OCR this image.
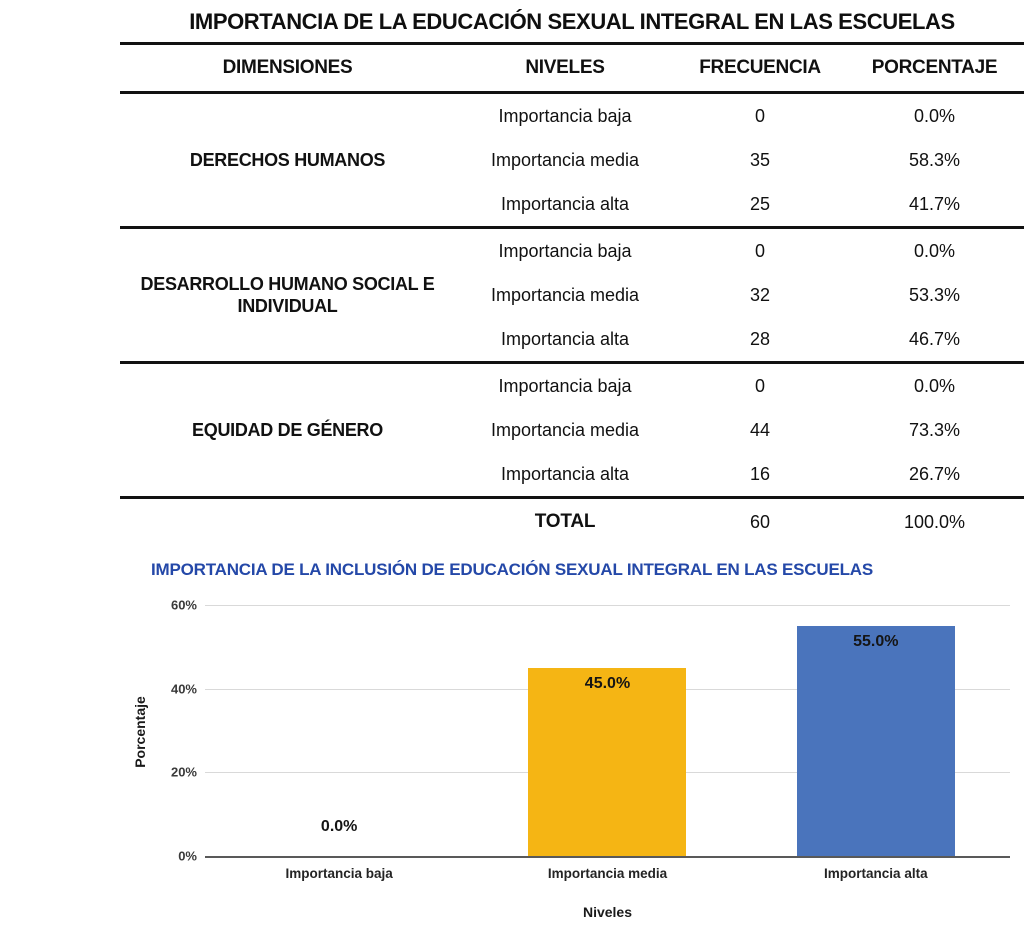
IMPORTANCIA DE LA EDUCACIÓN SEXUAL INTEGRAL EN LAS ESCUELAS
DIMENSIONES	NIVELES	FRECUENCIA	PORCENTAJE
DERECHOS HUMANOS	Importancia baja	0	0.0%
	Importancia media	35	58.3%
	Importancia alta	25	41.7%
DESARROLLO HUMANO SOCIAL E INDIVIDUAL	Importancia baja	0	0.0%
	Importancia media	32	53.3%
	Importancia alta	28	46.7%
EQUIDAD DE GÉNERO	Importancia baja	0	0.0%
	Importancia media	44	73.3%
	Importancia alta	16	26.7%
	TOTAL	60	100.0%
IMPORTANCIA DE LA INCLUSIÓN DE EDUCACIÓN SEXUAL INTEGRAL EN LAS ESCUELAS
Porcentaje
60%
40%
20%
0%
0.0%
45.0%
55.0%
Importancia baja	Importancia media	Importancia alta
Niveles
